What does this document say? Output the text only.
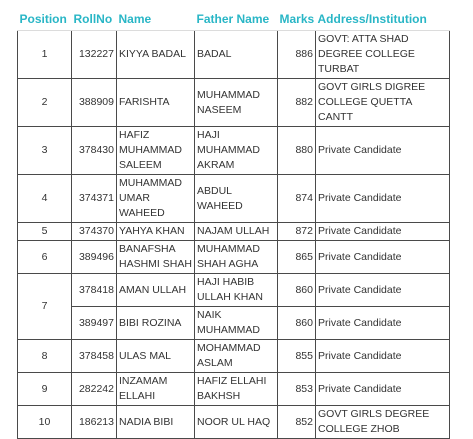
Position	RollNo	Name	Father Name	Marks	Address/Institution
1	132227	KIYYA BADAL	BADAL	886	GOVT: ATTA SHAD DEGREE COLLEGE TURBAT
2	388909	FARISHTA	MUHAMMAD NASEEM	882	GOVT GIRLS DIGREE COLLEGE QUETTA CANTT
3	378430	HAFIZ MUHAMMAD SALEEM	HAJI MUHAMMAD AKRAM	880	Private Candidate
4	374371	MUHAMMAD UMAR WAHEED	ABDUL WAHEED	874	Private Candidate
5	374370	YAHYA KHAN	NAJAM ULLAH	872	Private Candidate
6	389496	BANAFSHA HASHMI SHAH	MUHAMMAD SHAH AGHA	865	Private Candidate
7	378418	AMAN ULLAH	HAJI HABIB ULLAH KHAN	860	Private Candidate
	389497	BIBI ROZINA	NAIK MUHAMMAD	860	Private Candidate
8	378458	ULAS MAL	MOHAMMAD ASLAM	855	Private Candidate
9	282242	INZAMAM ELLAHI	HAFIZ ELLAHI BAKHSH	853	Private Candidate
10	186213	NADIA BIBI	NOOR UL HAQ	852	GOVT GIRLS DEGREE COLLEGE ZHOB
